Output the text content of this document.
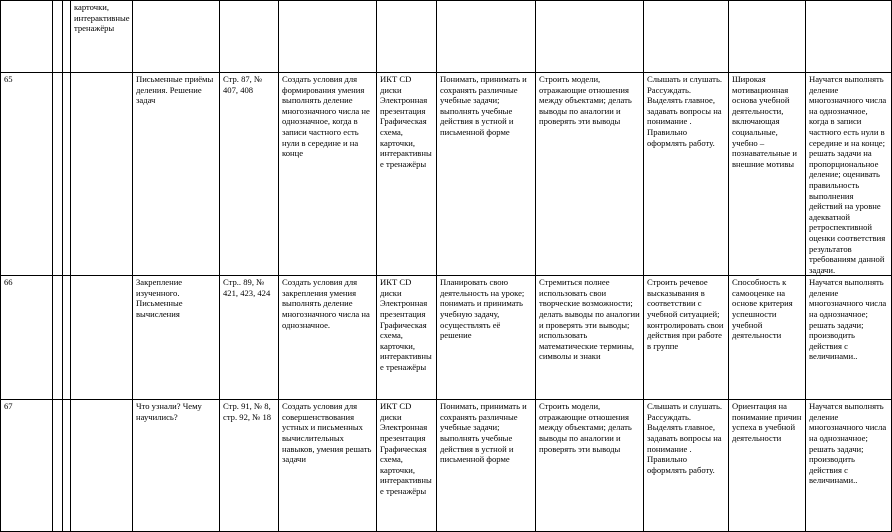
			карточки, интерактивные тренажёры									

65				Письменные приёмы деления. Решение задач	Стр. 87, № 407, 408	Создать условия для формирования умения выполнять деление многозначного числа не однозначное, когда в записи частного есть нули в середине и на конце	ИКТ CD диски Электронная презентация Графическая схема, карточки, интерактивные тренажёры	Понимать, принимать и сохранять различные учебные задачи; выполнять учебные действия в устной и письменной форме	Строить модели, отражающие отношения между объектами; делать выводы по аналогии и проверять эти выводы	Слышать и слушать. Рассуждать. Выделять главное, задавать вопросы на понимание . Правильно оформлять работу.	Широкая мотивационная основа учебной деятельности, включающая социальные, учебно – познавательные и внешние мотивы	Научатся выполнять деление многозначного числа на однозначное, когда в записи частного есть нули в середине и на конце; решать задачи на пропорциональное деление; оценивать правильность выполнения действий на уровне адекватной ретроспективной оценки соответствия результатов требованиям данной задачи.

66				Закрепление изученного. Письменные вычисления	Стр.. 89, № 421, 423, 424	Создать условия для закрепления умения выполнять деление многозначного числа на однозначное.	ИКТ CD диски Электронная презентация Графическая схема, карточки, интерактивные тренажёры	Планировать свою деятельность на уроке; понимать и принимать учебную задачу, осуществлять её решение	Стремиться полнее использовать свои творческие возможности; делать выводы по аналогии и проверять эти выводы; использовать математические термины, символы и знаки	Строить речевое высказывания в соответствии с учебной ситуацией; контролировать свои действия при работе в группе	Способность к самооценке на основе критерия успешности учебной деятельности	Научатся выполнять деление многозначного числа на однозначное; решать задачи; производить действия с величинами..

67				Что узнали? Чему научились?	Стр. 91, № 8, стр. 92, № 18	Создать условия для совершенствования устных и письменных вычислительных навыков, умения решать задачи	ИКТ CD диски Электронная презентация Графическая схема, карточки, интерактивные тренажёры	Понимать, принимать и сохранять различные учебные задачи; выполнять учебные действия в устной и письменной форме	Строить модели, отражающие отношения между объектами; делать выводы по аналогии и проверять эти выводы	Слышать и слушать. Рассуждать. Выделять главное, задавать вопросы на понимание . Правильно оформлять работу.	Ориентация на понимание причин успеха в учебной деятельности	Научатся выполнять деление многозначного числа на однозначное; решать задачи; производить действия с величинами..
